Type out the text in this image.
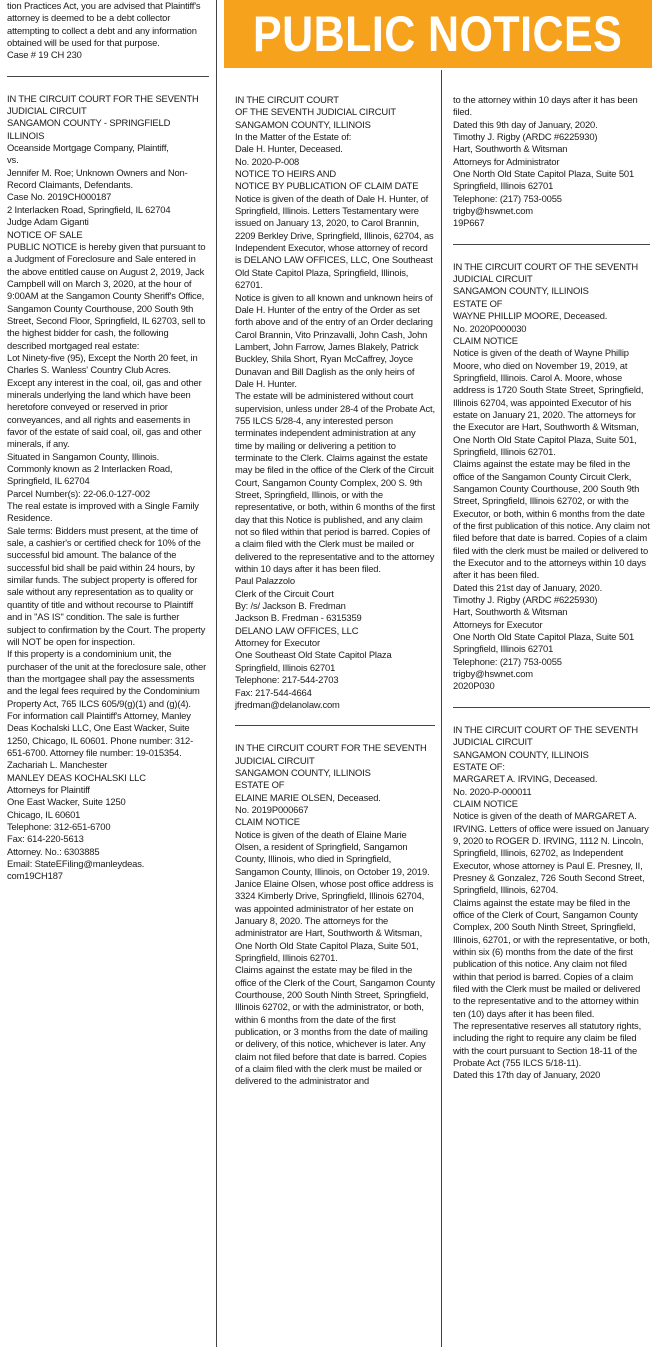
PUBLIC NOTICES
tion Practices Act, you are advised that Plaintiff's attorney is deemed to be a debt collector attempting to collect a debt and any information obtained will be used for that purpose.
Case # 19 CH 230
IN THE CIRCUIT COURT FOR THE SEVENTH JUDICIAL CIRCUIT
SANGAMON COUNTY - SPRINGFIELD ILLINOIS
Oceanside Mortgage Company, Plaintiff,
vs.
Jennifer M. Roe; Unknown Owners and Non-Record Claimants, Defendants.
Case No. 2019CH000187
2 Interlacken Road, Springfield, IL 62704
Judge Adam Giganti
NOTICE OF SALE
PUBLIC NOTICE is hereby given that pursuant to a Judgment of Foreclosure and Sale entered in the above entitled cause on August 2, 2019, Jack Campbell will on March 3, 2020, at the hour of 9:00AM at the Sangamon County Sheriff's Office, Sangamon County Courthouse, 200 South 9th Street, Second Floor, Springfield, IL 62703, sell to the highest bidder for cash, the following described mortgaged real estate:
Lot Ninety-five (95), Except the North 20 feet, in Charles S. Wanless' Country Club Acres.
Except any interest in the coal, oil, gas and other minerals underlying the land which have been heretofore conveyed or reserved in prior conveyances, and all rights and easements in favor of the estate of said coal, oil, gas and other minerals, if any.
Situated in Sangamon County, Illinois.
Commonly known as 2 Interlacken Road, Springfield, IL 62704
Parcel Number(s): 22-06.0-127-002
The real estate is improved with a Single Family Residence.
Sale terms: Bidders must present, at the time of sale, a cashier's or certified check for 10% of the successful bid amount. The balance of the successful bid shall be paid within 24 hours, by similar funds. The subject property is offered for sale without any representation as to quality or quantity of title and without recourse to Plaintiff and in "AS IS" condition. The sale is further subject to confirmation by the Court. The property will NOT be open for inspection.
If this property is a condominium unit, the purchaser of the unit at the foreclosure sale, other than the mortgagee shall pay the assessments and the legal fees required by the Condominium Property Act, 765 ILCS 605/9(g)(1) and (g)(4).
For information call Plaintiff's Attorney, Manley Deas Kochalski LLC, One East Wacker, Suite 1250, Chicago, IL 60601. Phone number: 312-651-6700. Attorney file number: 19-015354.
Zachariah L. Manchester
MANLEY DEAS KOCHALSKI LLC
Attorneys for Plaintiff
One East Wacker, Suite 1250
Chicago, IL 60601
Telephone: 312-651-6700
Fax: 614-220-5613
Attorney. No.: 6303885
Email: StateEFiling@manleydeas.
com19CH187
IN THE CIRCUIT COURT
OF THE SEVENTH JUDICIAL CIRCUIT
SANGAMON COUNTY, ILLINOIS
In the Matter of the Estate of:
Dale H. Hunter, Deceased.
No. 2020-P-008
NOTICE TO HEIRS AND
NOTICE BY PUBLICATION OF CLAIM DATE
Notice is given of the death of Dale H. Hunter, of Springfield, Illinois. Letters Testamentary were issued on January 13, 2020, to Carol Brannin, 2209 Berkley Drive, Springfield, Illinois, 62704, as Independent Executor, whose attorney of record is DELANO LAW OFFICES, LLC, One Southeast Old State Capitol Plaza, Springfield, Illinois, 62701.
Notice is given to all known and unknown heirs of Dale H. Hunter of the entry of the Order as set forth above and of the entry of an Order declaring Carol Brannin, Vito Prinzavalli, John Cash, John Lambert, John Farrow, James Blakely, Patrick Buckley, Shila Short, Ryan McCaffrey, Joyce Dunavan and Bill Daglish as the only heirs of Dale H. Hunter.
The estate will be administered without court supervision, unless under 28-4 of the Probate Act, 755 ILCS 5/28-4, any interested person terminates independent administration at any time by mailing or delivering a petition to terminate to the Clerk. Claims against the estate may be filed in the office of the Clerk of the Circuit Court, Sangamon County Complex, 200 S. 9th Street, Springfield, Illinois, or with the representative, or both, within 6 months of the first day that this Notice is published, and any claim not so filed within that period is barred. Copies of a claim filed with the Clerk must be mailed or delivered to the representative and to the attorney within 10 days after it has been filed.
Paul Palazzolo
Clerk of the Circuit Court
By: /s/ Jackson B. Fredman
Jackson B. Fredman - 6315359
DELANO LAW OFFICES, LLC
Attorney for Executor
One Southeast Old State Capitol Plaza
Springfield, Illinois 62701
Telephone: 217-544-2703
Fax: 217-544-4664
jfredman@delanolaw.com
IN THE CIRCUIT COURT FOR THE SEVENTH JUDICIAL CIRCUIT
SANGAMON COUNTY, ILLINOIS
ESTATE OF
ELAINE MARIE OLSEN, Deceased.
No. 2019P000667
CLAIM NOTICE
Notice is given of the death of Elaine Marie Olsen, a resident of Springfield, Sangamon County, Illinois, who died in Springfield, Sangamon County, Illinois, on October 19, 2019. Janice Elaine Olsen, whose post office address is 3324 Kimberly Drive, Springfield, Illinois 62704, was appointed administrator of her estate on January 8, 2020. The attorneys for the administrator are Hart, Southworth & Witsman, One North Old State Capitol Plaza, Suite 501, Springfield, Illinois 62701.
Claims against the estate may be filed in the office of the Clerk of the Court, Sangamon County Courthouse, 200 South Ninth Street, Springfield, Illinois 62702, or with the administrator, or both, within 6 months from the date of the first publication, or 3 months from the date of mailing or delivery, of this notice, whichever is later. Any claim not filed before that date is barred. Copies of a claim filed with the clerk must be mailed or delivered to the administrator and
to the attorney within 10 days after it has been filed.
Dated this 9th day of January, 2020.
Timothy J. Rigby (ARDC #6225930)
Hart, Southworth & Witsman
Attorneys for Administrator
One North Old State Capitol Plaza, Suite 501
Springfield, Illinois 62701
Telephone: (217) 753-0055
trigby@hswnet.com
19P667
IN THE CIRCUIT COURT OF THE SEVENTH JUDICIAL CIRCUIT
SANGAMON COUNTY, ILLINOIS
ESTATE OF
WAYNE PHILLIP MOORE, Deceased.
No. 2020P000030
CLAIM NOTICE
Notice is given of the death of Wayne Phillip Moore, who died on November 19, 2019, at Springfield, Illinois. Carol A. Moore, whose address is 1720 South State Street, Springfield, Illinois 62704, was appointed Executor of his estate on January 21, 2020. The attorneys for the Executor are Hart, Southworth & Witsman, One North Old State Capitol Plaza, Suite 501, Springfield, Illinois 62701.
Claims against the estate may be filed in the office of the Sangamon County Circuit Clerk, Sangamon County Courthouse, 200 South 9th Street, Springfield, Illinois 62702, or with the Executor, or both, within 6 months from the date of the first publication of this notice. Any claim not filed before that date is barred. Copies of a claim filed with the clerk must be mailed or delivered to the Executor and to the attorneys within 10 days after it has been filed.
Dated this 21st day of January, 2020.
Timothy J. Rigby (ARDC #6225930)
Hart, Southworth & Witsman
Attorneys for Executor
One North Old State Capitol Plaza, Suite 501
Springfield, Illinois 62701
Telephone: (217) 753-0055
trigby@hswnet.com
2020P030
IN THE CIRCUIT COURT OF THE SEVENTH JUDICIAL CIRCUIT
SANGAMON COUNTY, ILLINOIS
ESTATE OF:
MARGARET A. IRVING, Deceased.
No. 2020-P-000011
CLAIM NOTICE
Notice is given of the death of MARGARET A. IRVING. Letters of office were issued on January 9, 2020 to ROGER D. IRVING, 1112 N. Lincoln, Springfield, Illinois, 62702, as Independent Executor, whose attorney is Paul E. Presney, II, Presney & Gonzalez, 726 South Second Street, Springfield, Illinois, 62704.
Claims against the estate may be filed in the office of the Clerk of Court, Sangamon County Complex, 200 South Ninth Street, Springfield, Illinois, 62701, or with the representative, or both, within six (6) months from the date of the first publication of this notice. Any claim not filed within that period is barred. Copies of a claim filed with the Clerk must be mailed or delivered to the representative and to the attorney within ten (10) days after it has been filed.
The representative reserves all statutory rights, including the right to require any claim be filed with the court pursuant to Section 18-11 of the Probate Act (755 ILCS 5/18-11).
Dated this 17th day of January, 2020
